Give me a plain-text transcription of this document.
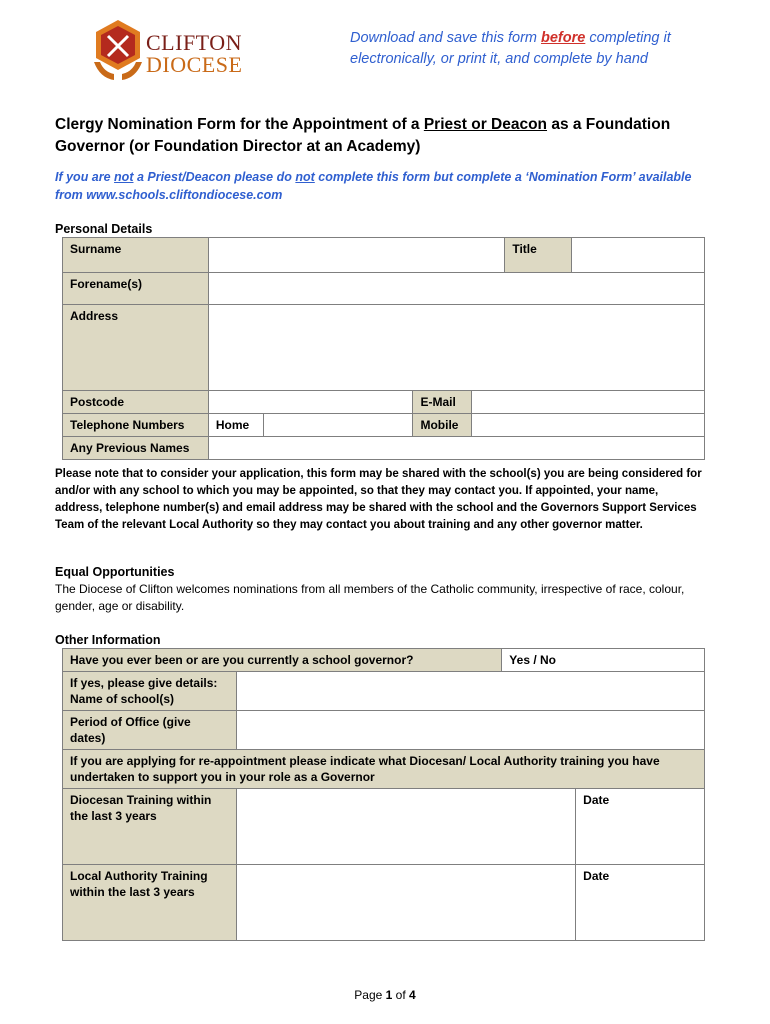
CLIFTON
DIOCESE
Download and save this form before completing it electronically, or print it, and complete by hand
Clergy Nomination Form for the Appointment of a Priest or Deacon as a Foundation Governor (or Foundation Director at an Academy)
If you are not a Priest/Deacon please do not complete this form but complete a ‘Nomination Form’ available from www.schools.cliftondiocese.com
Personal Details
Surname					Title	
Forename(s)						
Address						
Postcode			E-Mail			
Telephone Numbers	Home		Mobile			
Any Previous Names						
Please note that to consider your application, this form may be shared with the school(s) you are being considered for and/or with any school to which you may be appointed, so that they may contact you. If appointed, your name, address, telephone number(s) and email address may be shared with the school and the Governors Support Services Team of the relevant Local Authority so they may contact you about training and any other governor matter.
Equal Opportunities
The Diocese of Clifton welcomes nominations from all members of the Catholic community, irrespective of race, colour, gender, age or disability.
Other Information
Have you ever been or are you currently a school governor?		Yes / No	
If yes, please give details:
Name of school(s)			
Period of Office (give dates)			
If you are applying for re-appointment please indicate what Diocesan/ Local Authority training you have undertaken to support you in your role as a Governor			
Diocesan Training within the last 3 years			Date
Local Authority Training within the last 3 years			Date
Page 1 of 4
